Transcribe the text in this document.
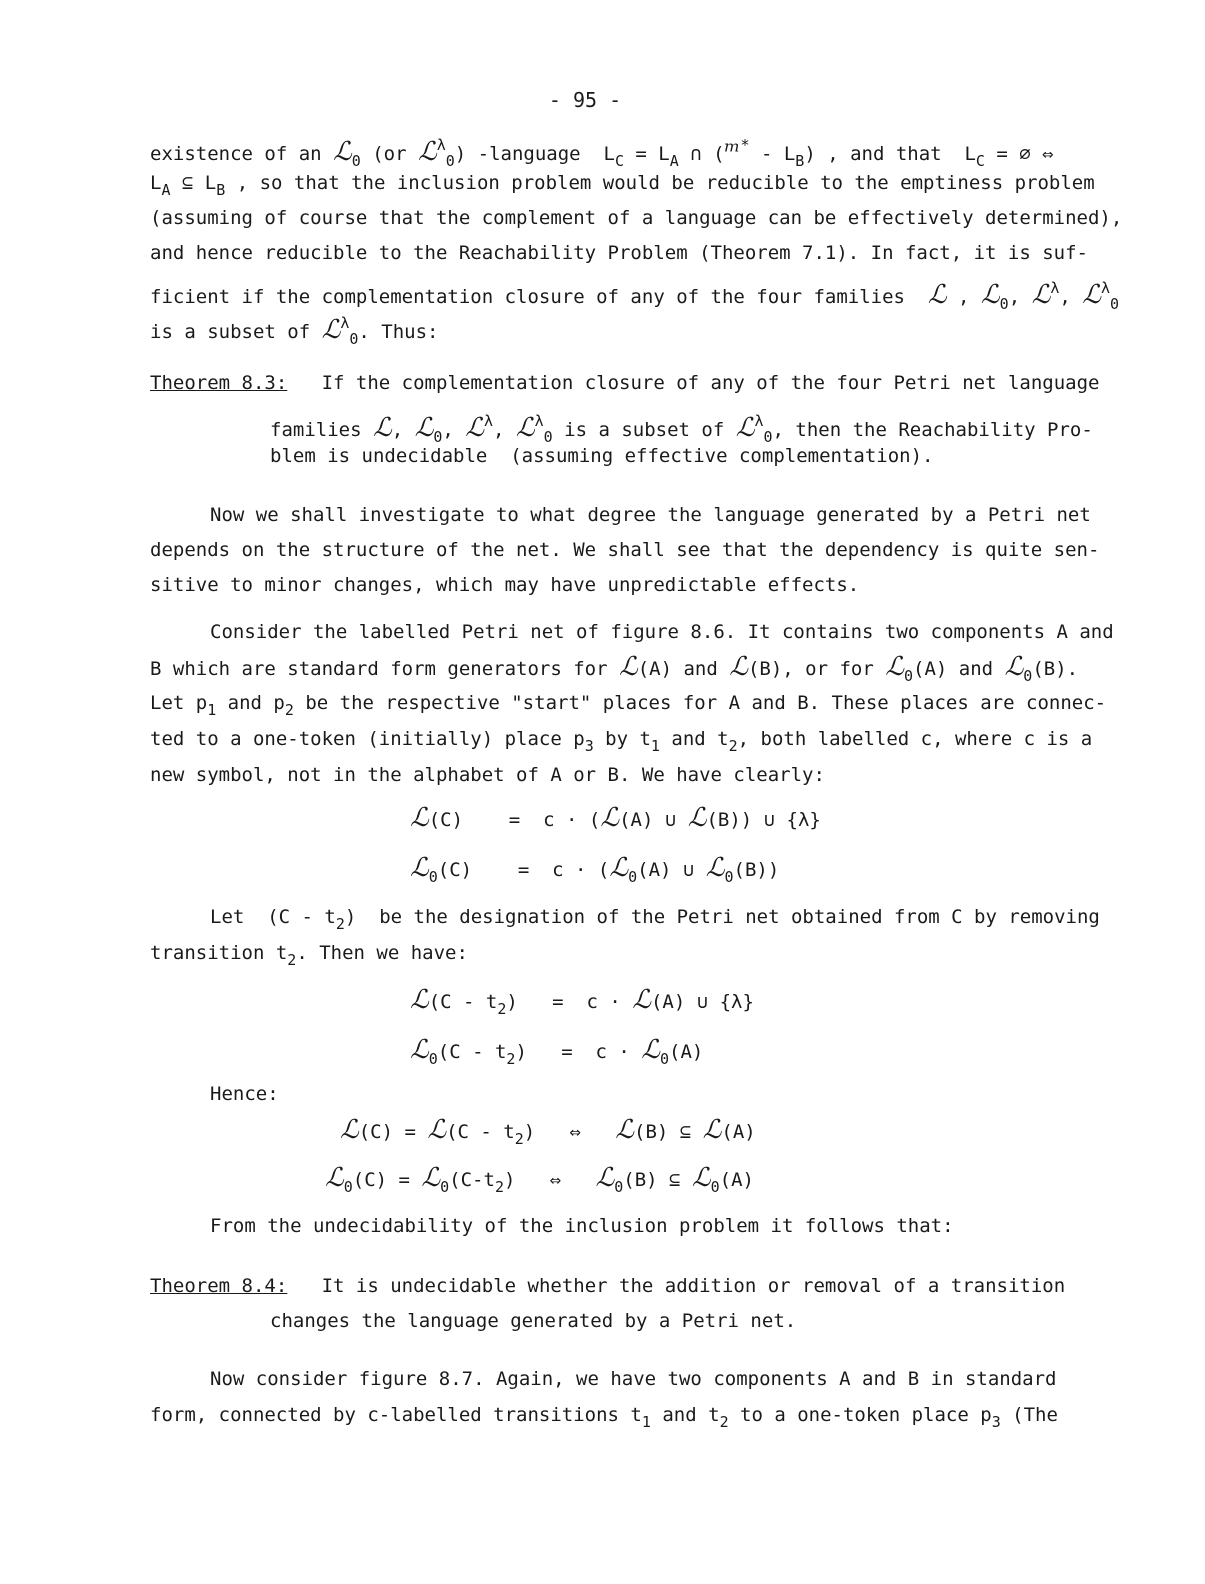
- 95 -
existence of an ℒ$_0$ (or ℒ$^\lambda_0$) -language  $L_C = L_A$ ∩ (ᵐ* - $L_B$) , and that  $L_C$ = ∅ ⇔
$L_A$ ⊆ $L_B$ , so that the inclusion problem would be reducible to the emptiness problem
(assuming of course that the complement of a language can be effectively determined),
and hence reducible to the Reachability Problem (Theorem 7.1). In fact, it is suf-
ficient if the complementation closure of any of the four families  ℒ , ℒ$_0$, ℒ$^\lambda$, ℒ$^\lambda_0$
is a subset of ℒ$^\lambda_0$. Thus:
Theorem 8.3: If the complementation closure of any of the four Petri net language
families ℒ, ℒ$_0$, ℒ$^\lambda$, ℒ$^\lambda_0$ is a subset of ℒ$^\lambda_0$, then the Reachability Pro-
blem is undecidable  (assuming effective complementation).
Now we shall investigate to what degree the language generated by a Petri net
depends on the structure of the net. We shall see that the dependency is quite sen-
sitive to minor changes, which may have unpredictable effects.
Consider the labelled Petri net of figure 8.6. It contains two components A and
B which are standard form generators for ℒ(A) and ℒ(B), or for ℒ$_0$(A) and ℒ$_0$(B).
Let $p_1$ and $p_2$ be the respective "start" places for A and B. These places are connec-
ted to a one-token (initially) place $p_3$ by $t_1$ and $t_2$, both labelled c, where c is a
new symbol, not in the alphabet of A or B. We have clearly:
ℒ(C)    =  c · (ℒ(A) ∪ ℒ(B)) ∪ {λ}
ℒ$_0$(C)    =  c · (ℒ$_0$(A) ∪ ℒ$_0$(B))
Let  $(C - t_2)$  be the designation of the Petri net obtained from C by removing
transition $t_2$. Then we have:
ℒ(C - $t_2) = c$ · ℒ(A) ∪ {λ}
ℒ$_0$(C - $t_2) = c$ · ℒ$_0$(A)
Hence:
ℒ(C) = ℒ(C - $t_2$)   ⇔   ℒ(B) ⊆ ℒ(A)
ℒ$_0$(C) = $ℒ_0(C-t_2)$   ⇔   ℒ$_0$(B) ⊆ ℒ$_0$(A)
From the undecidability of the inclusion problem it follows that:
Theorem 8.4: It is undecidable whether the addition or removal of a transition
changes the language generated by a Petri net.
Now consider figure 8.7. Again, we have two components A and B in standard
form, connected by c-labelled transitions $t_1$ and $t_2$ to a one-token place $p_3$ (The
